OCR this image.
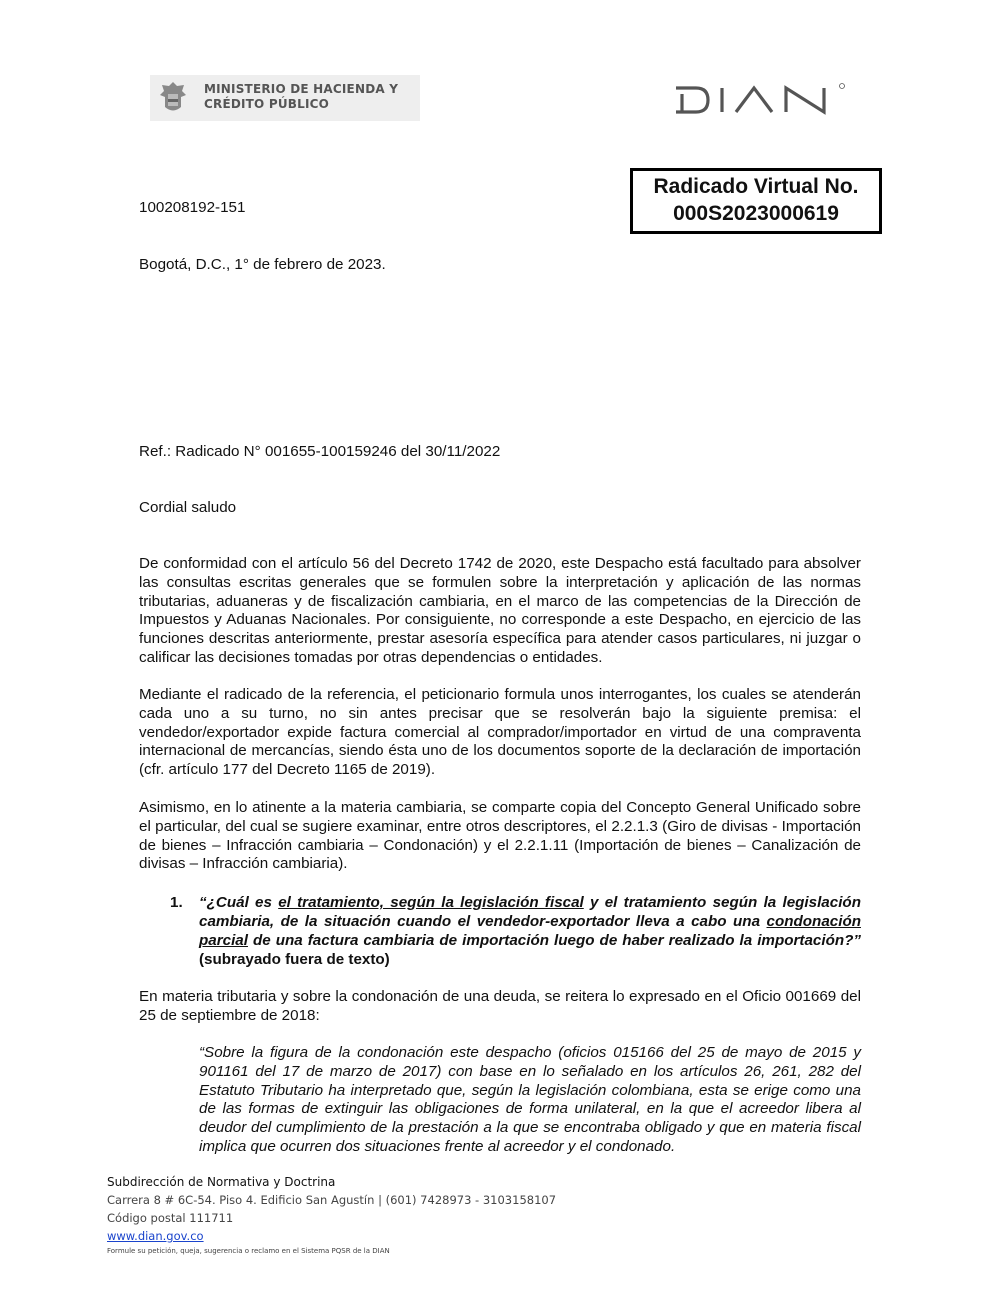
MINISTERIO DE HACIENDA Y
CRÉDITO PÚBLICO
Radicado Virtual No.
000S2023000619
100208192-151
Bogotá, D.C., 1° de febrero de 2023.
Ref.: Radicado N° 001655-100159246 del 30/11/2022
Cordial saludo
De conformidad con el artículo 56 del Decreto 1742 de 2020, este Despacho está facultado para absolver las consultas escritas generales que se formulen sobre la interpretación y aplicación de las normas tributarias, aduaneras y de fiscalización cambiaria, en el marco de las competencias de la Dirección de Impuestos y Aduanas Nacionales. Por consiguiente, no corresponde a este Despacho, en ejercicio de las funciones descritas anteriormente, prestar asesoría específica para atender casos particulares, ni juzgar o calificar las decisiones tomadas por otras dependencias o entidades.
Mediante el radicado de la referencia, el peticionario formula unos interrogantes, los cuales se atenderán cada uno a su turno, no sin antes precisar que se resolverán bajo la siguiente premisa: el vendedor/exportador expide factura comercial al comprador/importador en virtud de una compraventa internacional de mercancías, siendo ésta uno de los documentos soporte de la declaración de importación (cfr. artículo 177 del Decreto 1165 de 2019).
Asimismo, en lo atinente a la materia cambiaria, se comparte copia del Concepto General Unificado sobre el particular, del cual se sugiere examinar, entre otros descriptores, el 2.2.1.3 (Giro de divisas - Importación de bienes – Infracción cambiaria – Condonación) y el 2.2.1.11 (Importación de bienes – Canalización de divisas – Infracción cambiaria).
1. “¿Cuál es el tratamiento, según la legislación fiscal y el tratamiento según la legislación cambiaria, de la situación cuando el vendedor-exportador lleva a cabo una condonación parcial de una factura cambiaria de importación luego de haber realizado la importación?” (subrayado fuera de texto)
En materia tributaria y sobre la condonación de una deuda, se reitera lo expresado en el Oficio 001669 del 25 de septiembre de 2018:
“Sobre la figura de la condonación este despacho (oficios 015166 del 25 de mayo de 2015 y 901161 del 17 de marzo de 2017) con base en lo señalado en los artículos 26, 261, 282 del Estatuto Tributario ha interpretado que, según la legislación colombiana, esta se erige como una de las formas de extinguir las obligaciones de forma unilateral, en la que el acreedor libera al deudor del cumplimiento de la prestación a la que se encontraba obligado y que en materia fiscal implica que ocurren dos situaciones frente al acreedor y el condonado.
Subdirección de Normativa y Doctrina
Carrera 8 # 6C-54. Piso 4. Edificio San Agustín | (601) 7428973 - 3103158107
Código postal 111711
www.dian.gov.co
Formule su petición, queja, sugerencia o reclamo en el Sistema PQSR de la DIAN
